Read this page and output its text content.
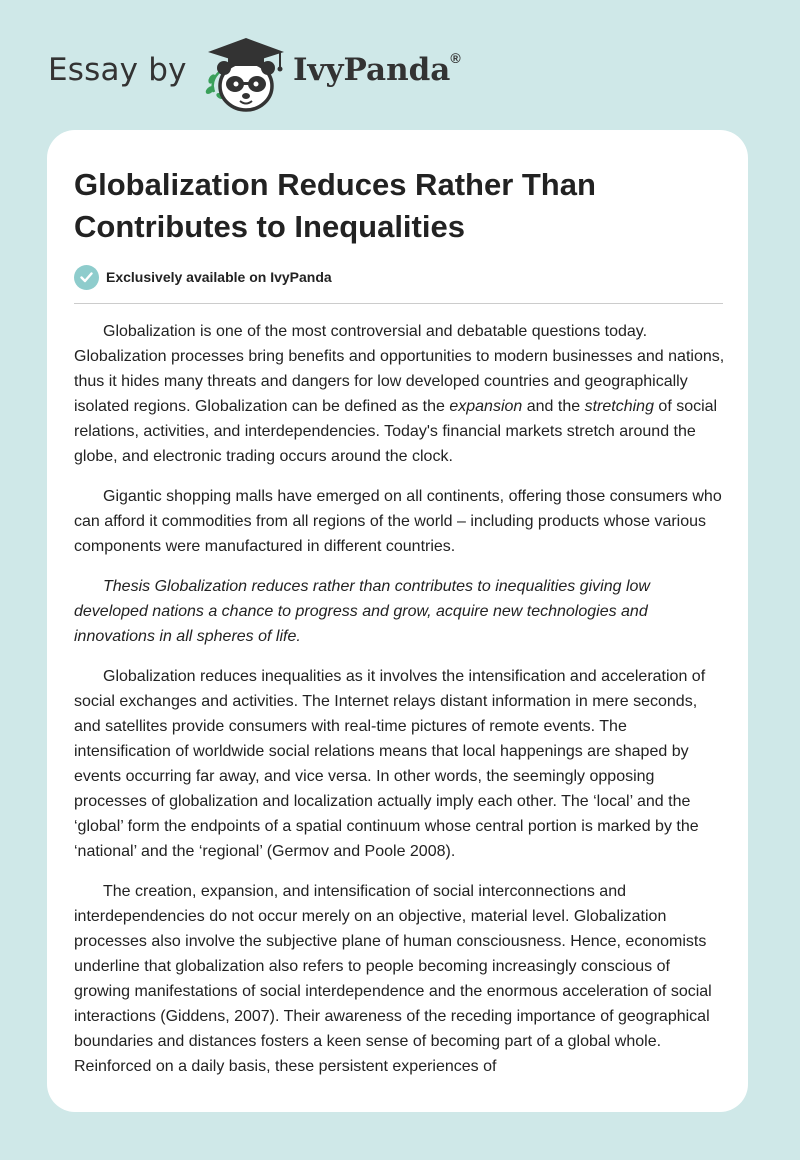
Essay by	IvyPanda®
Globalization Reduces Rather Than Contributes to Inequalities
Exclusively available on IvyPanda

Globalization is one of the most controversial and debatable questions today. Globalization processes bring benefits and opportunities to modern businesses and nations, thus it hides many threats and dangers for low developed countries and geographically isolated regions. Globalization can be defined as the expansion and the stretching of social relations, activities, and interdependencies. Today's financial markets stretch around the globe, and electronic trading occurs around the clock.

Gigantic shopping malls have emerged on all continents, offering those consumers who can afford it commodities from all regions of the world – including products whose various components were manufactured in different countries.

Thesis Globalization reduces rather than contributes to inequalities giving low developed nations a chance to progress and grow, acquire new technologies and innovations in all spheres of life.

Globalization reduces inequalities as it involves the intensification and acceleration of social exchanges and activities. The Internet relays distant information in mere seconds, and satellites provide consumers with real-time pictures of remote events. The intensification of worldwide social relations means that local happenings are shaped by events occurring far away, and vice versa. In other words, the seemingly opposing processes of globalization and localization actually imply each other. The ‘local’ and the ‘global’ form the endpoints of a spatial continuum whose central portion is marked by the ‘national’ and the ‘regional’ (Germov and Poole 2008).

The creation, expansion, and intensification of social interconnections and interdependencies do not occur merely on an objective, material level. Globalization processes also involve the subjective plane of human consciousness. Hence, economists underline that globalization also refers to people becoming increasingly conscious of growing manifestations of social interdependence and the enormous acceleration of social interactions (Giddens, 2007). Their awareness of the receding importance of geographical boundaries and distances fosters a keen sense of becoming part of a global whole. Reinforced on a daily basis, these persistent experiences of
